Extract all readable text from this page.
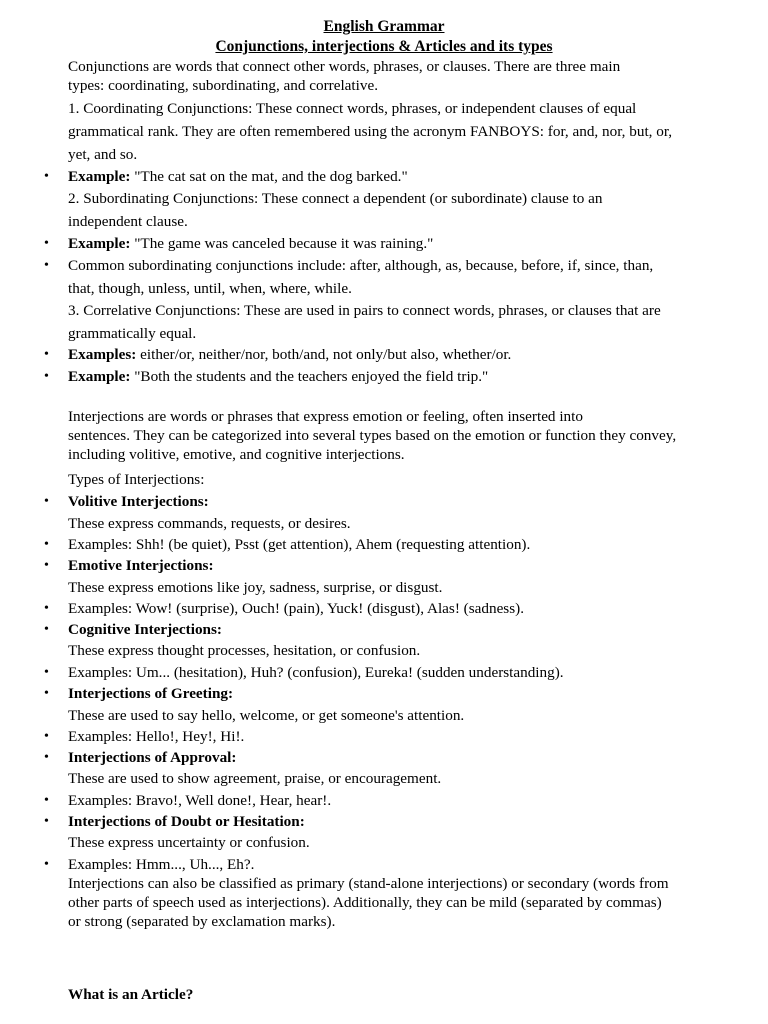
English Grammar
Conjunctions, interjections & Articles and its types
Conjunctions are words that connect other words, phrases, or clauses. There are three main
types: coordinating, subordinating, and correlative.
1. Coordinating Conjunctions: These connect words, phrases, or independent clauses of equal
grammatical rank. They are often remembered using the acronym FANBOYS: for, and, nor, but, or,
yet, and so.
• Example: "The cat sat on the mat, and the dog barked."
2. Subordinating Conjunctions: These connect a dependent (or subordinate) clause to an
independent clause.
• Example: "The game was canceled because it was raining."
• Common subordinating conjunctions include: after, although, as, because, before, if, since, than,
that, though, unless, until, when, where, while.
3. Correlative Conjunctions: These are used in pairs to connect words, phrases, or clauses that are
grammatically equal.
• Examples: either/or, neither/nor, both/and, not only/but also, whether/or.
• Example: "Both the students and the teachers enjoyed the field trip."
Interjections are words or phrases that express emotion or feeling, often inserted into
sentences. They can be categorized into several types based on the emotion or function they convey,
including volitive, emotive, and cognitive interjections.
Types of Interjections:
• Volitive Interjections:
These express commands, requests, or desires.
• Examples: Shh! (be quiet), Psst (get attention), Ahem (requesting attention).
• Emotive Interjections:
These express emotions like joy, sadness, surprise, or disgust.
• Examples: Wow! (surprise), Ouch! (pain), Yuck! (disgust), Alas! (sadness).
• Cognitive Interjections:
These express thought processes, hesitation, or confusion.
• Examples: Um... (hesitation), Huh? (confusion), Eureka! (sudden understanding).
• Interjections of Greeting:
These are used to say hello, welcome, or get someone's attention.
• Examples: Hello!, Hey!, Hi!.
• Interjections of Approval:
These are used to show agreement, praise, or encouragement.
• Examples: Bravo!, Well done!, Hear, hear!.
• Interjections of Doubt or Hesitation:
These express uncertainty or confusion.
• Examples: Hmm..., Uh..., Eh?.
Interjections can also be classified as primary (stand-alone interjections) or secondary (words from
other parts of speech used as interjections). Additionally, they can be mild (separated by commas)
or strong (separated by exclamation marks).
What is an Article?
